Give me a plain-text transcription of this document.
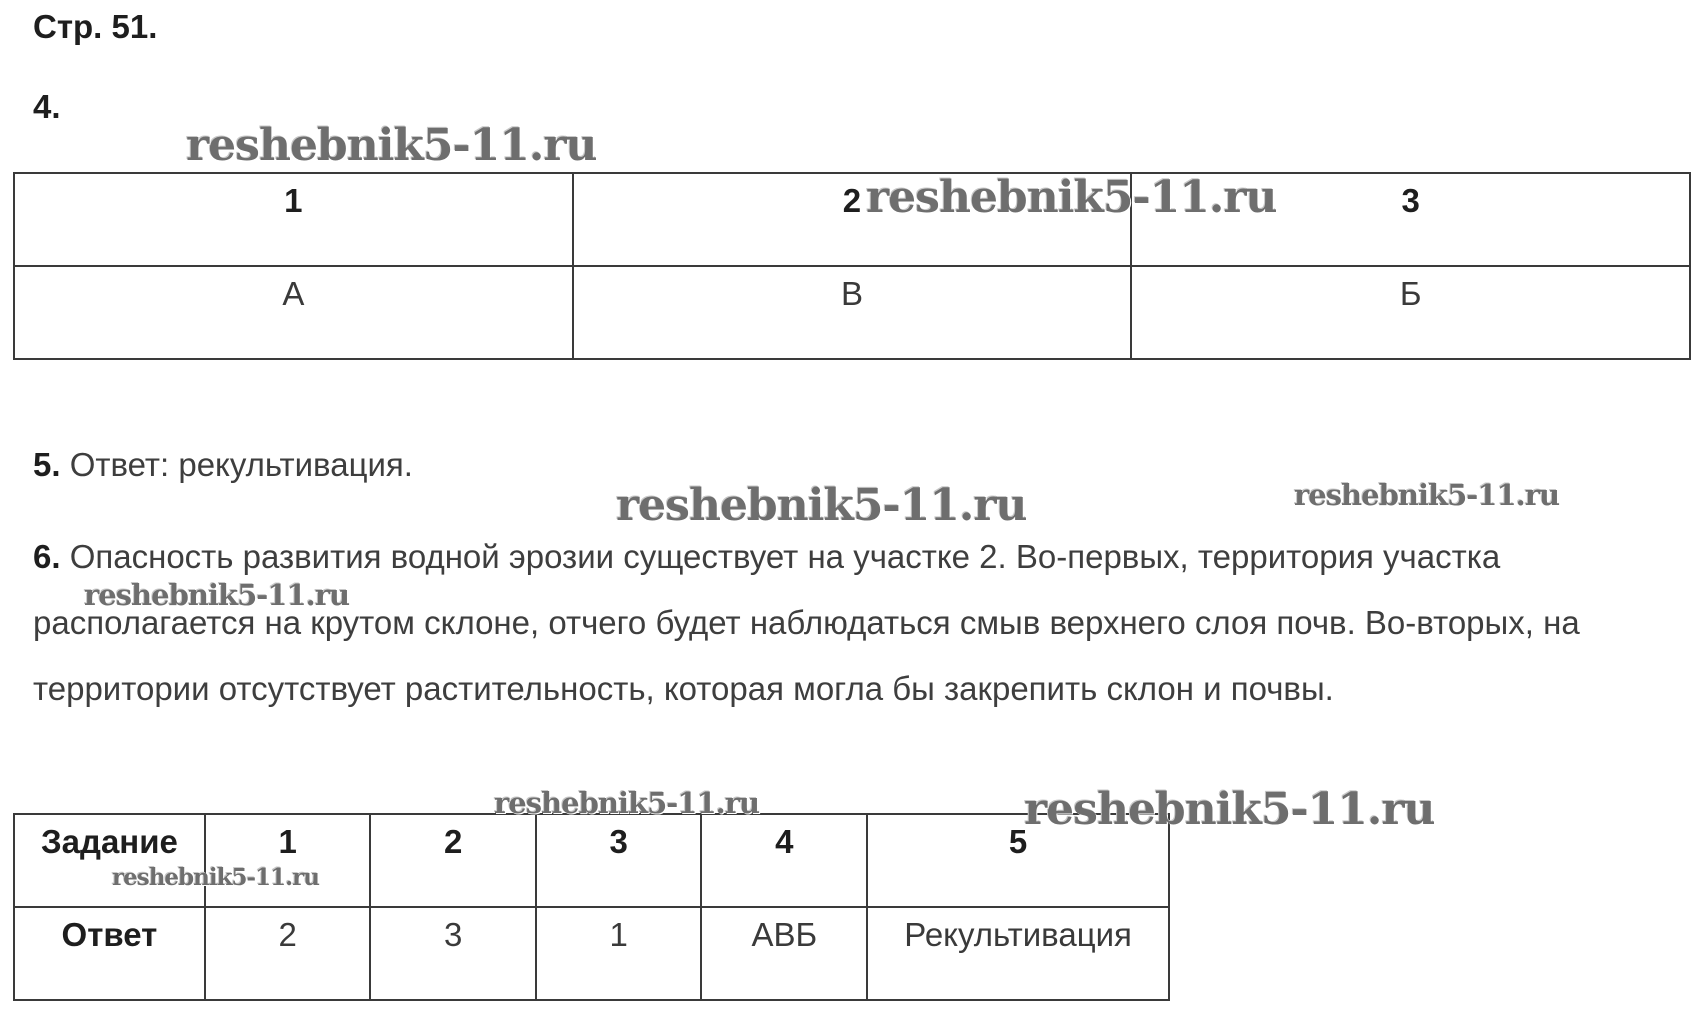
Стр. 51.
4.
1	2	3
А	В	Б
5. Ответ: рекультивация.
6. Опасность развития водной эрозии существует на участке 2. Во-первых, территория участка располагается на крутом склоне, отчего будет наблюдаться смыв верхнего слоя почв. Во-вторых, на территории отсутствует растительность, которая могла бы закрепить склон и почвы.
Задание	1	2	3	4	5
Ответ	2	3	1	АВБ	Рекультивация
reshebnik5-11.ru
reshebnik5-11.ru
reshebnik5-11.ru	reshebnik5-11.ru
reshebnik5-11.ru
reshebnik5-11.ru	reshebnik5-11.ru
reshebnik5-11.ru
